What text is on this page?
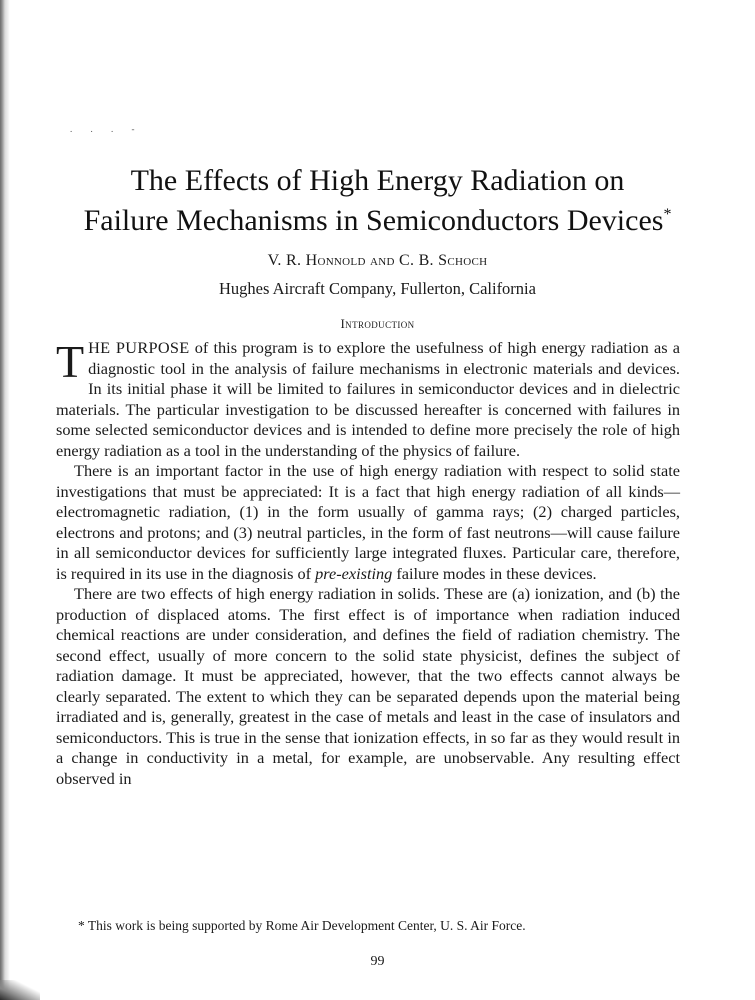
. . . -
The Effects of High Energy Radiation on
Failure Mechanisms in Semiconductors Devices*
V. R. Honnold and C. B. Schoch
Hughes Aircraft Company, Fullerton, California
Introduction

THE PURPOSE of this program is to explore the usefulness of high energy radiation as a diagnostic tool in the analysis of failure mechanisms in electronic materials and devices. In its initial phase it will be limited to failures in semiconductor devices and in dielectric materials. The particular investigation to be discussed hereafter is concerned with failures in some selected semiconductor devices and is intended to define more precisely the role of high energy radiation as a tool in the understanding of the physics of failure.

There is an important factor in the use of high energy radiation with respect to solid state investigations that must be appreciated: It is a fact that high energy radiation of all kinds—electromagnetic radiation, (1) in the form usually of gamma rays; (2) charged particles, electrons and protons; and (3) neutral particles, in the form of fast neutrons—will cause failure in all semiconductor devices for sufficiently large integrated fluxes. Particular care, therefore, is required in its use in the diagnosis of pre-existing failure modes in these devices.

There are two effects of high energy radiation in solids. These are (a) ionization, and (b) the production of displaced atoms. The first effect is of importance when radiation induced chemical reactions are under consideration, and defines the field of radiation chemistry. The second effect, usually of more concern to the solid state physicist, defines the subject of radiation damage. It must be appreciated, however, that the two effects cannot always be clearly separated. The extent to which they can be separated depends upon the material being irradiated and is, generally, greatest in the case of metals and least in the case of insulators and semiconductors. This is true in the sense that ionization effects, in so far as they would result in a change in conductivity in a metal, for example, are unobservable. Any resulting effect observed in

* This work is being supported by Rome Air Development Center, U. S. Air Force.
99
